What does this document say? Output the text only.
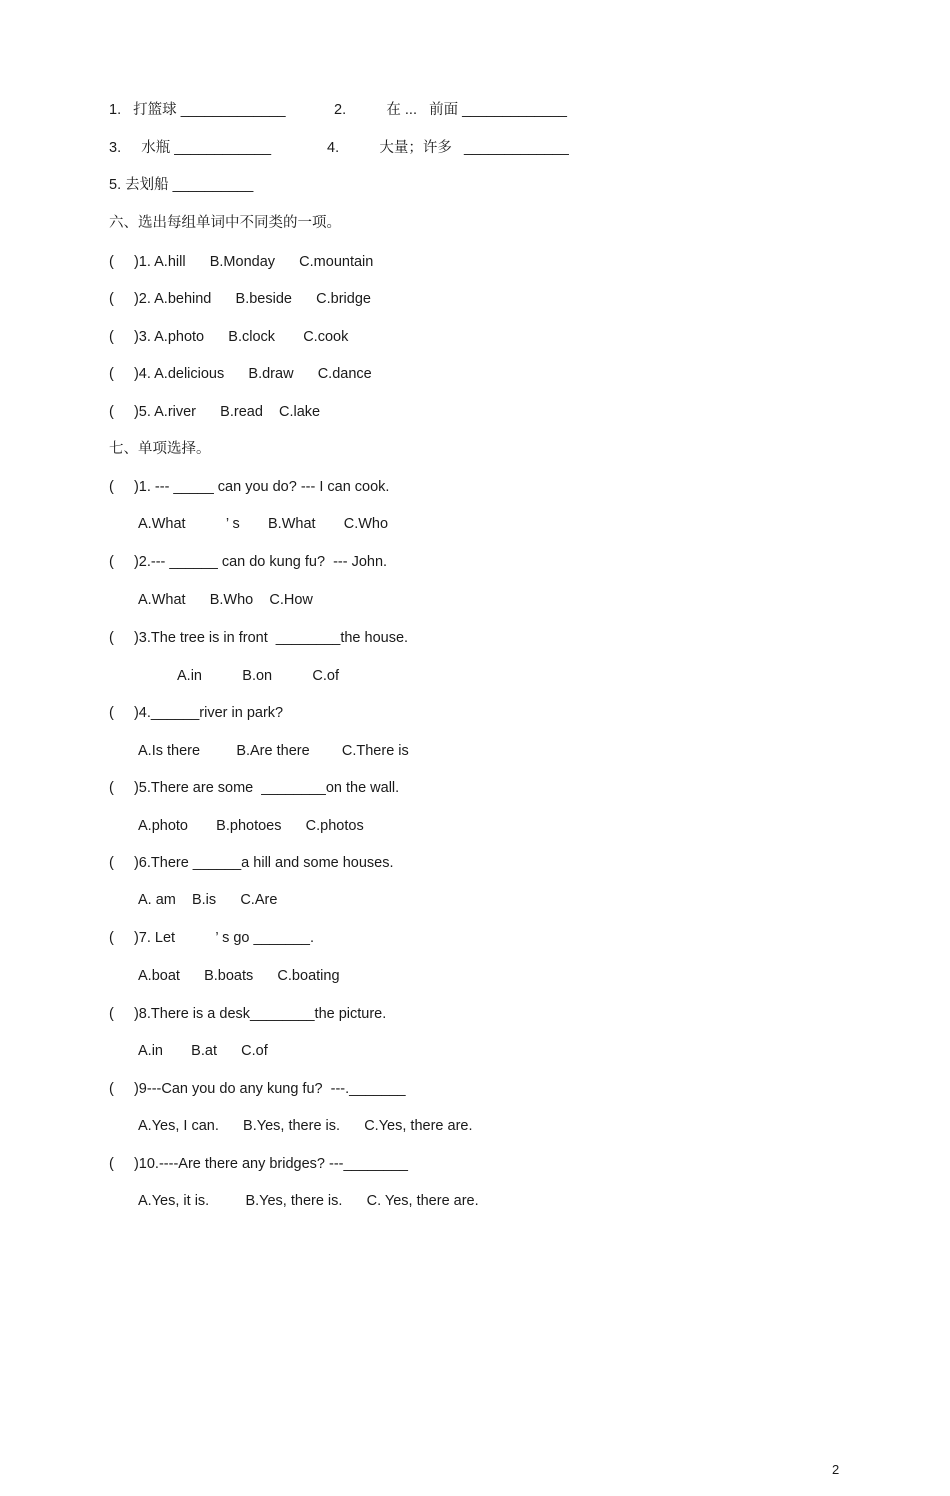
1.   打篮球 _____________	2.          在 ...   前面 _____________
3.     水瓶 ____________	4.          大量；许多   _____________
5. 去划船 __________
六、选出每组单词中不同类的一项。
(     )1. A.hill      B.Monday      C.mountain
(     )2. A.behind      B.beside      C.bridge
(     )3. A.photo      B.clock       C.cook
(     )4. A.delicious      B.draw      C.dance
(     )5. A.river      B.read    C.lake
七、单项选择。
(     )1. --- _____ can you do? --- I can cook.
A.What          ’ s       B.What       C.Who
(     )2.--- ______ can do kung fu?  --- John.
A.What      B.Who    C.How
(     )3.The tree is in front  ________the house.
A.in          B.on          C.of
(     )4.______river in park?
A.Is there         B.Are there        C.There is
(     )5.There are some  ________on the wall.
A.photo       B.photoes      C.photos
(     )6.There ______a hill and some houses.
A. am    B.is      C.Are
(     )7. Let          ’ s go _______.
A.boat      B.boats      C.boating
(     )8.There is a desk________the picture.
A.in       B.at      C.of
(     )9---Can you do any kung fu?  ---._______
A.Yes, I can.      B.Yes, there is.      C.Yes, there are.
(     )10.----Are there any bridges? ---________
A.Yes, it is.         B.Yes, there is.      C. Yes, there are.
2
